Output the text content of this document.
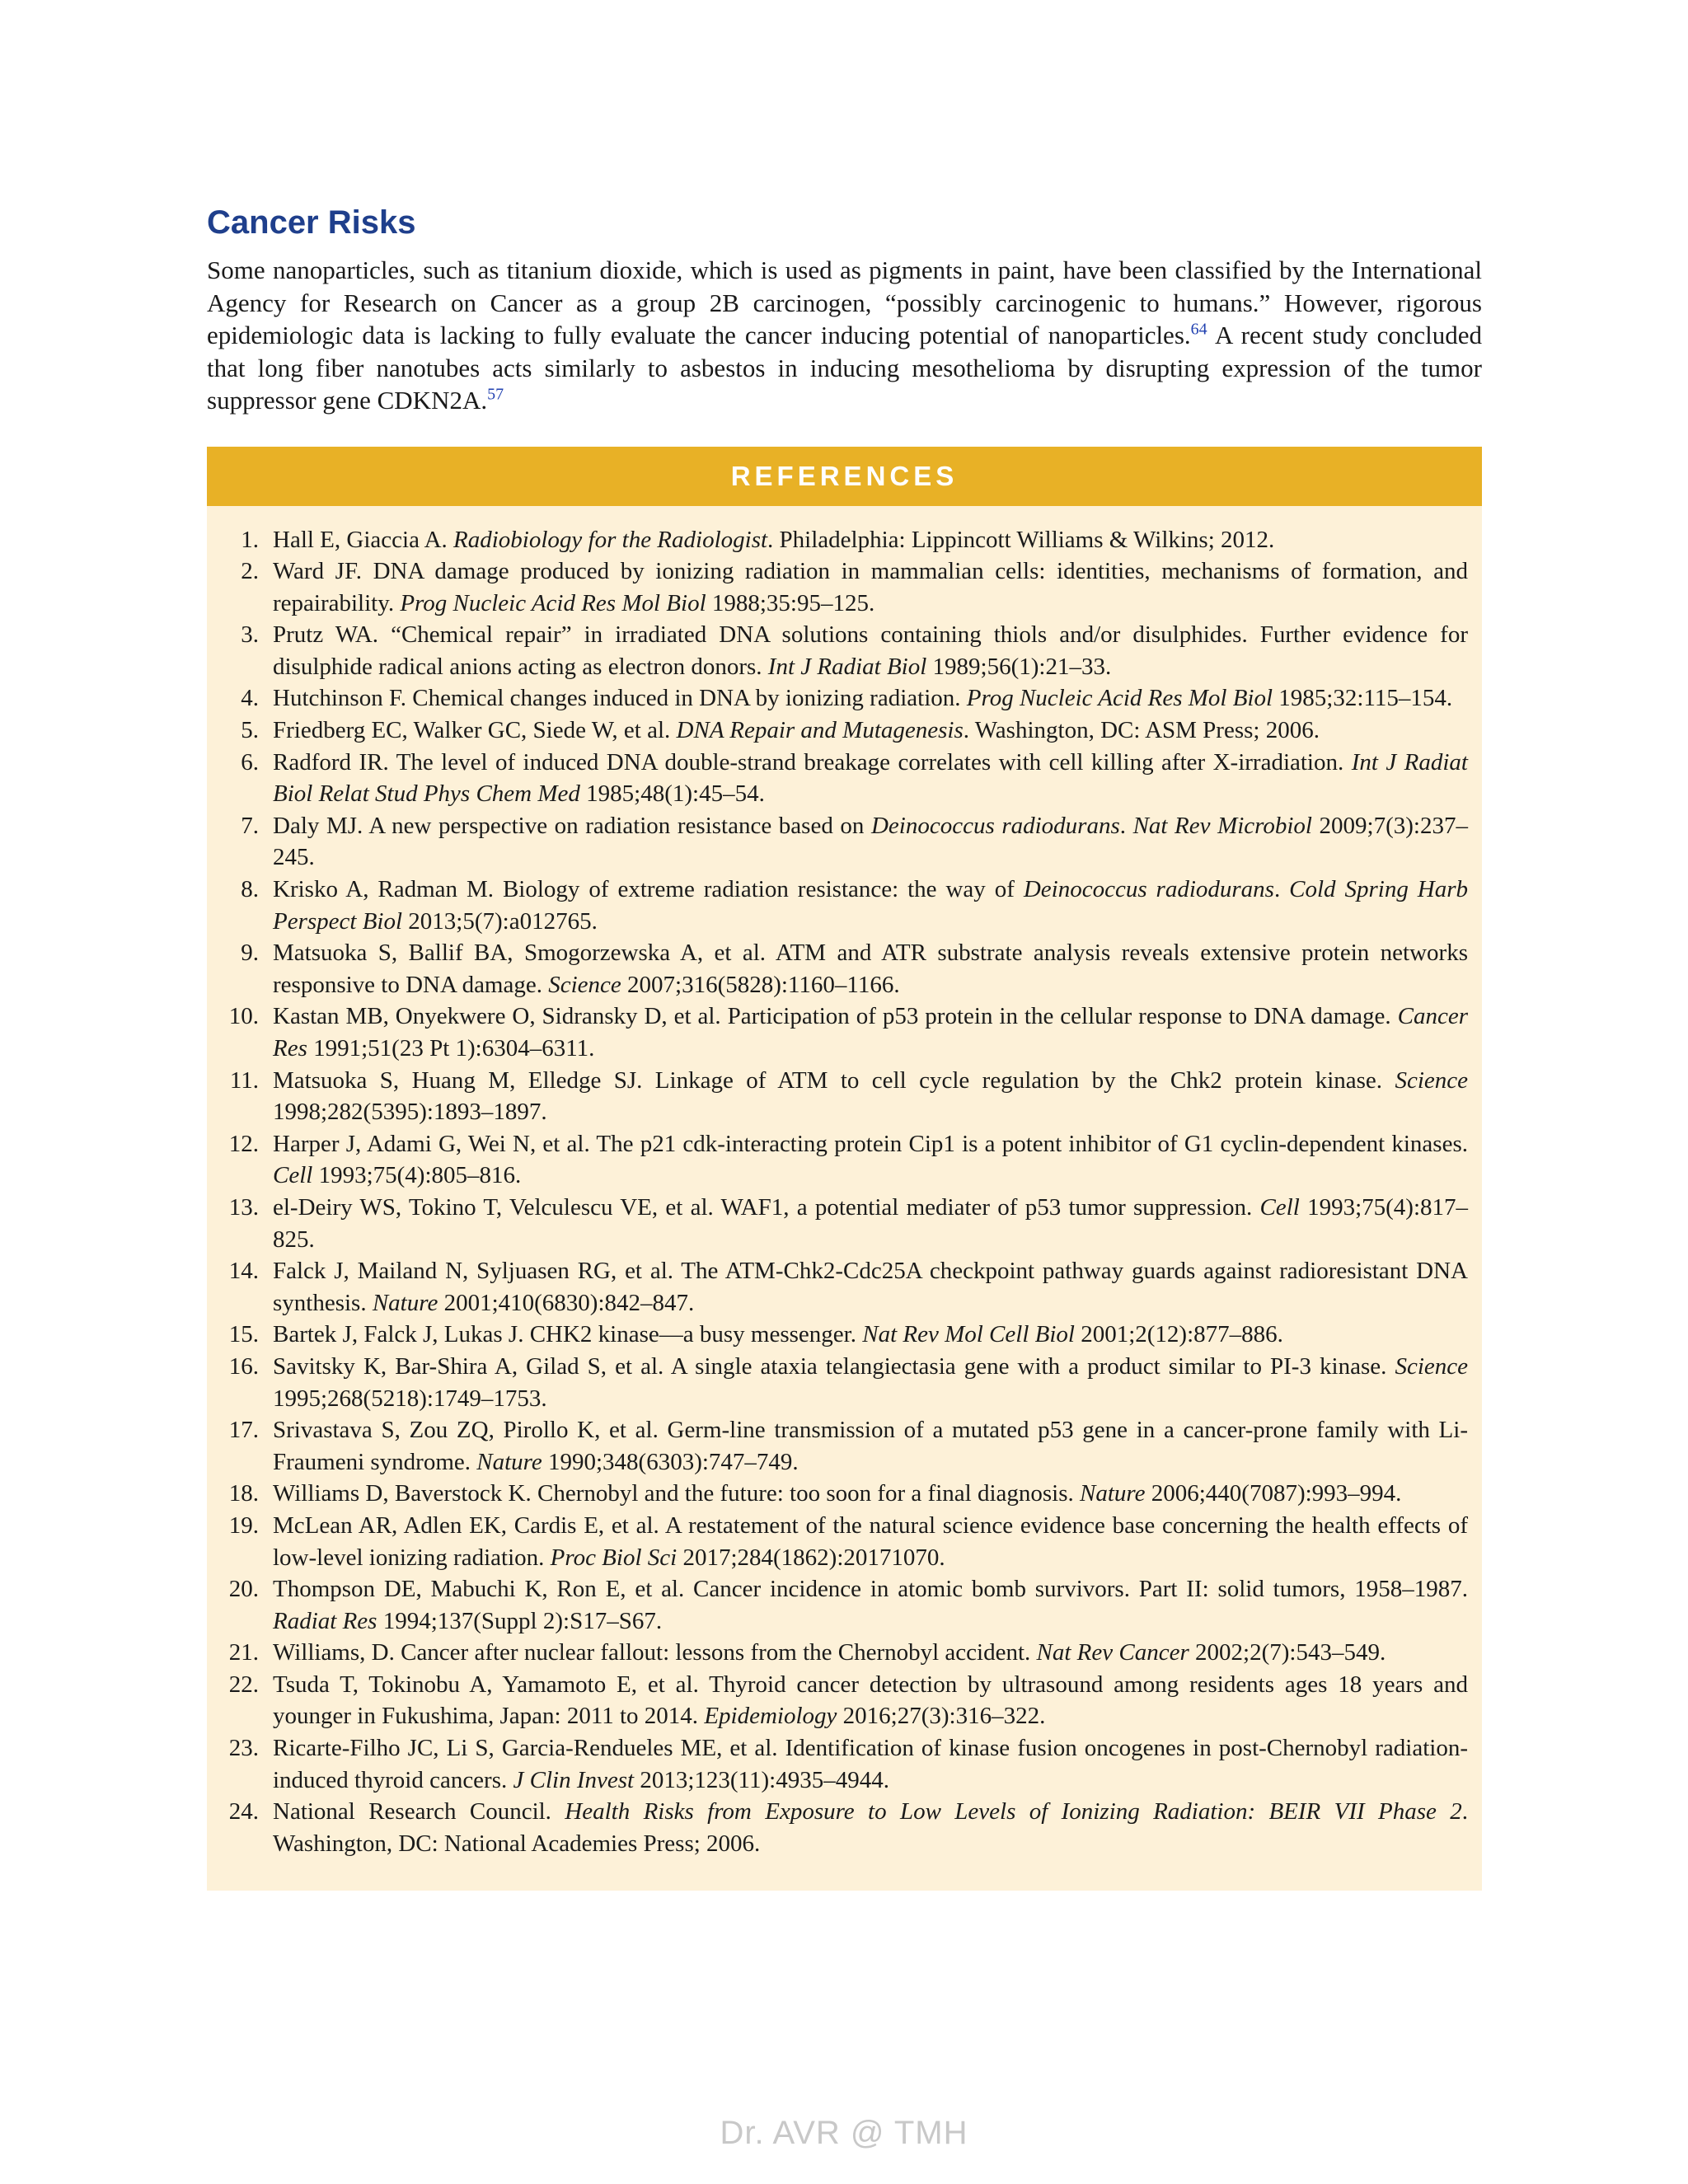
Cancer Risks

Some nanoparticles, such as titanium dioxide, which is used as pigments in paint, have been classified by the International Agency for Research on Cancer as a group 2B carcinogen, “possibly carcinogenic to humans.” However, rigorous epidemiologic data is lacking to fully evaluate the cancer inducing potential of nanoparticles.$^{64}$ A recent study concluded that long fiber nanotubes acts similarly to asbestos in inducing mesothelioma by disrupting expression of the tumor suppressor gene CDKN2A.$^{57}$

REFERENCES
1. Hall E, Giaccia A. Radiobiology for the Radiologist. Philadelphia: Lippincott Williams & Wilkins; 2012.
2. Ward JF. DNA damage produced by ionizing radiation in mammalian cells: identities, mechanisms of formation, and repairability. Prog Nucleic Acid Res Mol Biol 1988;35:95–125.
3. Prutz WA. “Chemical repair” in irradiated DNA solutions containing thiols and/or disulphides. Further evidence for disulphide radical anions acting as electron donors. Int J Radiat Biol 1989;56(1):21–33.
4. Hutchinson F. Chemical changes induced in DNA by ionizing radiation. Prog Nucleic Acid Res Mol Biol 1985;32:115–154.
5. Friedberg EC, Walker GC, Siede W, et al. DNA Repair and Mutagenesis. Washington, DC: ASM Press; 2006.
6. Radford IR. The level of induced DNA double-strand breakage correlates with cell killing after X-irradiation. Int J Radiat Biol Relat Stud Phys Chem Med 1985;48(1):45–54.
7. Daly MJ. A new perspective on radiation resistance based on Deinococcus radiodurans. Nat Rev Microbiol 2009;7(3):237–245.
8. Krisko A, Radman M. Biology of extreme radiation resistance: the way of Deinococcus radiodurans. Cold Spring Harb Perspect Biol 2013;5(7):a012765.
9. Matsuoka S, Ballif BA, Smogorzewska A, et al. ATM and ATR substrate analysis reveals extensive protein networks responsive to DNA damage. Science 2007;316(5828):1160–1166.
10. Kastan MB, Onyekwere O, Sidransky D, et al. Participation of p53 protein in the cellular response to DNA damage. Cancer Res 1991;51(23 Pt 1):6304–6311.
11. Matsuoka S, Huang M, Elledge SJ. Linkage of ATM to cell cycle regulation by the Chk2 protein kinase. Science 1998;282(5395):1893–1897.
12. Harper J, Adami G, Wei N, et al. The p21 cdk-interacting protein Cip1 is a potent inhibitor of G1 cyclin-dependent kinases. Cell 1993;75(4):805–816.
13. el-Deiry WS, Tokino T, Velculescu VE, et al. WAF1, a potential mediater of p53 tumor suppression. Cell 1993;75(4):817–825.
14. Falck J, Mailand N, Syljuasen RG, et al. The ATM-Chk2-Cdc25A checkpoint pathway guards against radioresistant DNA synthesis. Nature 2001;410(6830):842–847.
15. Bartek J, Falck J, Lukas J. CHK2 kinase—a busy messenger. Nat Rev Mol Cell Biol 2001;2(12):877–886.
16. Savitsky K, Bar-Shira A, Gilad S, et al. A single ataxia telangiectasia gene with a product similar to PI-3 kinase. Science 1995;268(5218):1749–1753.
17. Srivastava S, Zou ZQ, Pirollo K, et al. Germ-line transmission of a mutated p53 gene in a cancer-prone family with Li-Fraumeni syndrome. Nature 1990;348(6303):747–749.
18. Williams D, Baverstock K. Chernobyl and the future: too soon for a final diagnosis. Nature 2006;440(7087):993–994.
19. McLean AR, Adlen EK, Cardis E, et al. A restatement of the natural science evidence base concerning the health effects of low-level ionizing radiation. Proc Biol Sci 2017;284(1862):20171070.
20. Thompson DE, Mabuchi K, Ron E, et al. Cancer incidence in atomic bomb survivors. Part II: solid tumors, 1958–1987. Radiat Res 1994;137(Suppl 2):S17–S67.
21. Williams, D. Cancer after nuclear fallout: lessons from the Chernobyl accident. Nat Rev Cancer 2002;2(7):543–549.
22. Tsuda T, Tokinobu A, Yamamoto E, et al. Thyroid cancer detection by ultrasound among residents ages 18 years and younger in Fukushima, Japan: 2011 to 2014. Epidemiology 2016;27(3):316–322.
23. Ricarte-Filho JC, Li S, Garcia-Rendueles ME, et al. Identification of kinase fusion oncogenes in post-Chernobyl radiation-induced thyroid cancers. J Clin Invest 2013;123(11):4935–4944.
24. National Research Council. Health Risks from Exposure to Low Levels of Ionizing Radiation: BEIR VII Phase 2. Washington, DC: National Academies Press; 2006.
Dr. AVR @ TMH
